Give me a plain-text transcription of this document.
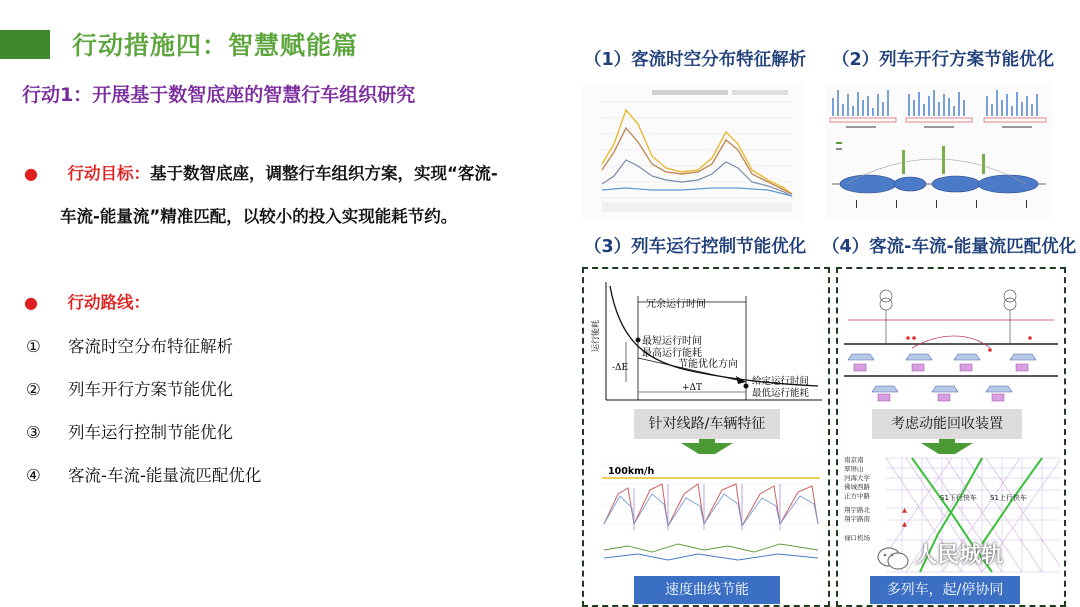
行动措施四：智慧赋能篇
行动1：开展基于数智底座的智慧行车组织研究
● 行动目标：基于数智底座，调整行车组织方案，实现“客流-
车流-能量流”精准匹配，以较小的投入实现能耗节约。
● 行动路线：
① 客流时空分布特征解析
② 列车开行方案节能优化
③ 列车运行控制节能优化
④ 客流-车流-能量流匹配优化
（1）客流时空分布特征解析 （2）列车开行方案节能优化
（3）列车运行控制节能优化 （4）客流-车流-能量流匹配优化
冗余运行时间
最短运行时间
最高运行能耗
节能优化方向
给定运行时间
最低运行能耗
-ΔE
+ΔT
运行能耗
针对线路/车辆特征
100km/h
速度曲线节能
考虑动能回收装置
南京南
翠屏山
河海大学
佛城西路
正方中路
翔宇路北
翔宇路南
禄口机场
S1下行快车 S1上行快车
▲
▲
多列车，起/停协同
人民城轨
